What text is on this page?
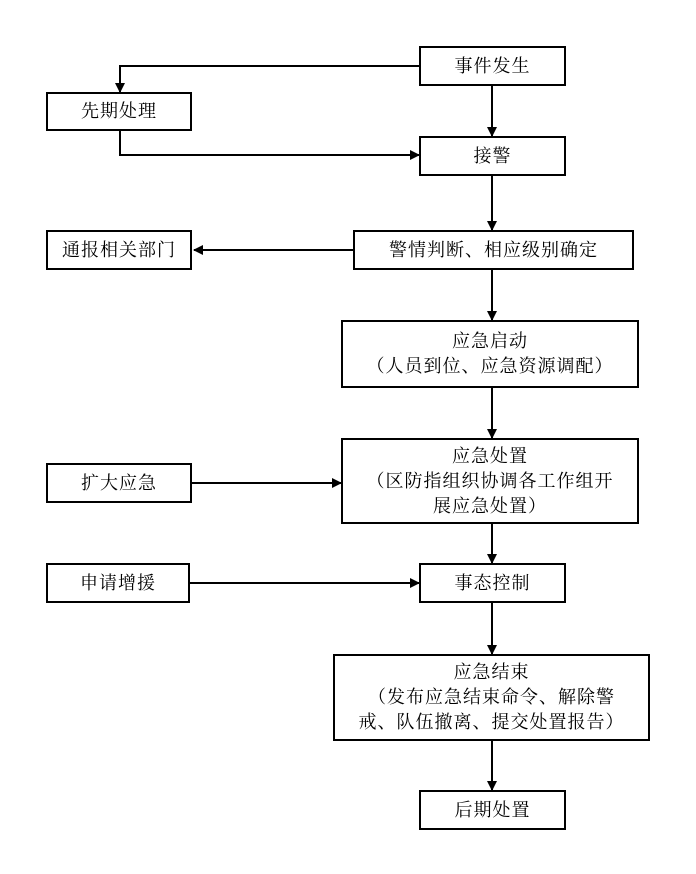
事件发生
先期处理
接警
通报相关部门	警情判断、相应级别确定
应急启动
（人员到位、应急资源调配）
应急处置
（区防指组织协调各工作组开
展应急处置）
扩大应急
申请增援	事态控制
应急结束
（发布应急结束命令、解除警
戒、队伍撤离、提交处置报告）
后期处置
